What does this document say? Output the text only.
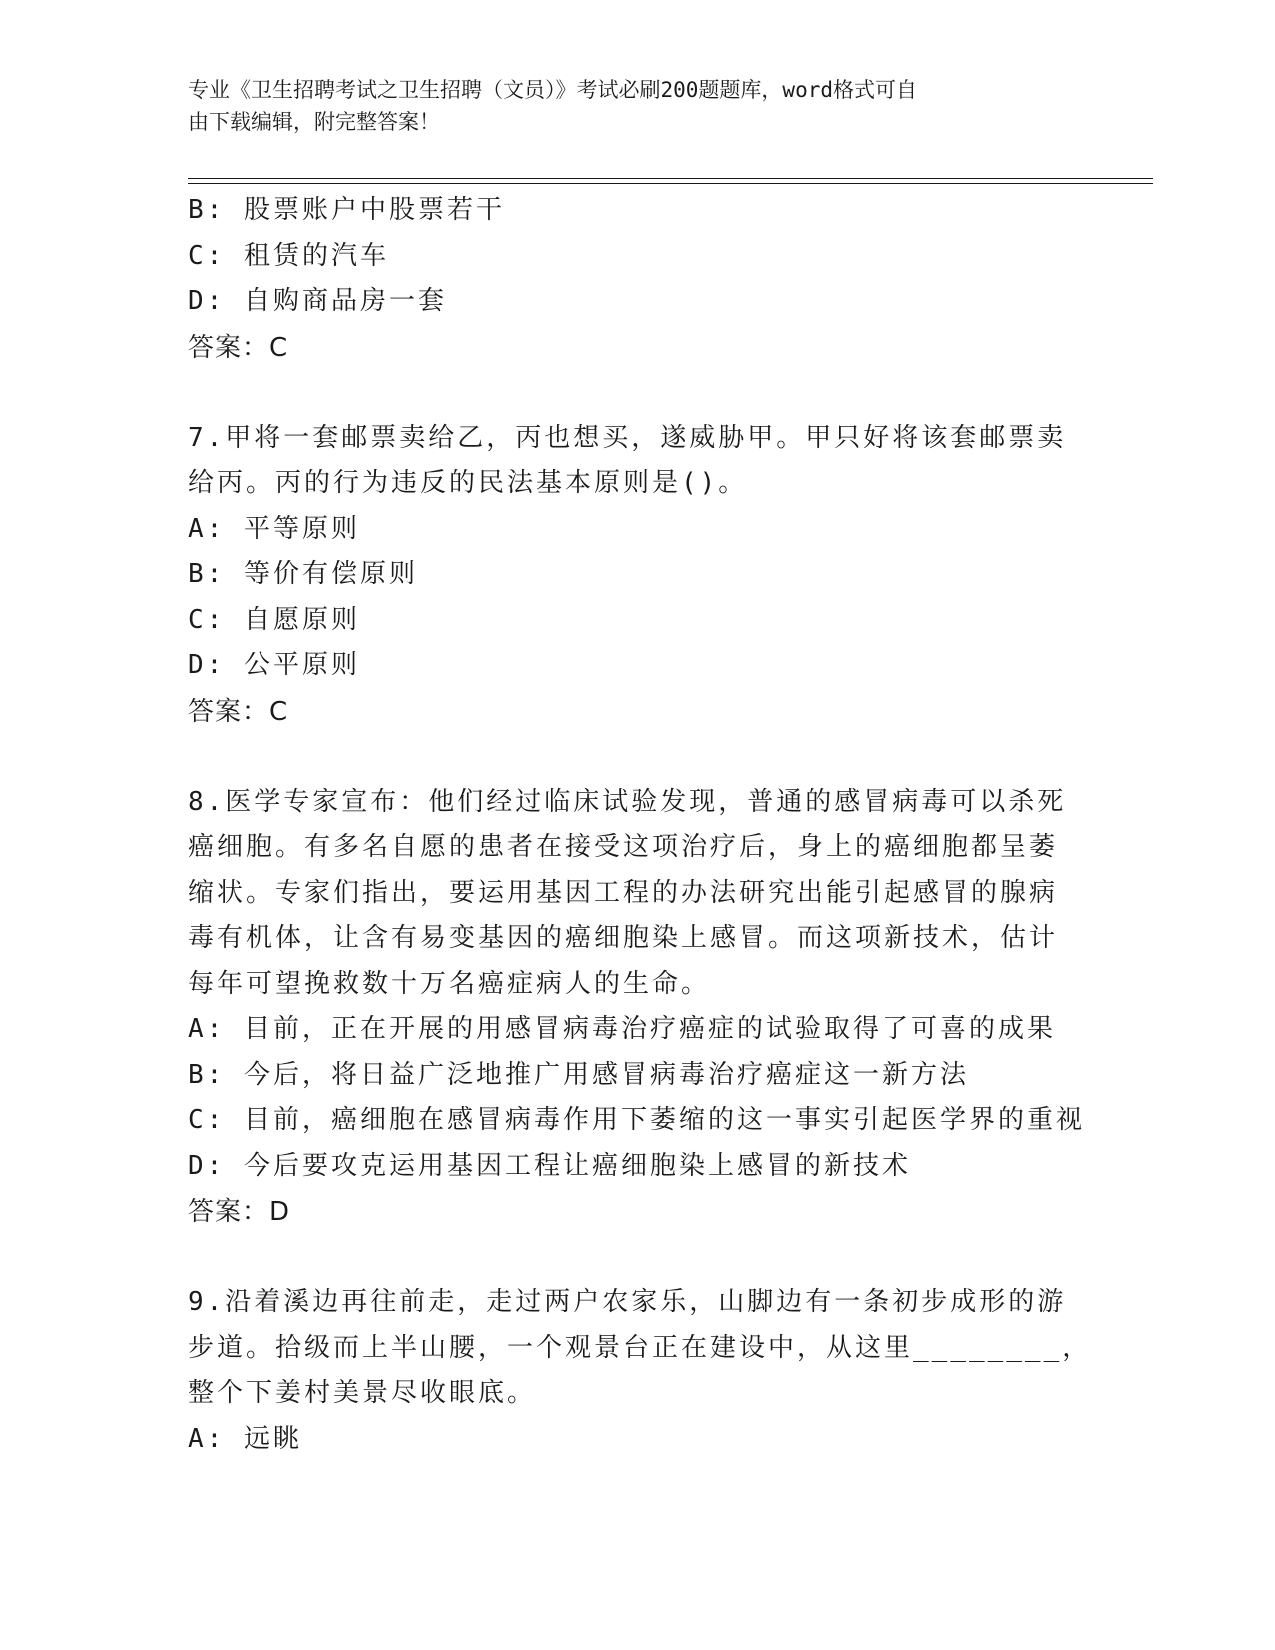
专业《卫生招聘考试之卫生招聘（文员）》考试必刷200题题库，word格式可自
由下载编辑，附完整答案！
B: 股票账户中股票若干
C: 租赁的汽车
D: 自购商品房一套
答案：C
7.甲将一套邮票卖给乙，丙也想买，遂威胁甲。甲只好将该套邮票卖
给丙。丙的行为违反的民法基本原则是()。
A: 平等原则
B: 等价有偿原则
C: 自愿原则
D: 公平原则
答案：C
8.医学专家宣布：他们经过临床试验发现，普通的感冒病毒可以杀死
癌细胞。有多名自愿的患者在接受这项治疗后，身上的癌细胞都呈萎
缩状。专家们指出，要运用基因工程的办法研究出能引起感冒的腺病
毒有机体，让含有易变基因的癌细胞染上感冒。而这项新技术，估计
每年可望挽救数十万名癌症病人的生命。
A: 目前，正在开展的用感冒病毒治疗癌症的试验取得了可喜的成果
B: 今后，将日益广泛地推广用感冒病毒治疗癌症这一新方法
C: 目前，癌细胞在感冒病毒作用下萎缩的这一事实引起医学界的重视
D: 今后要攻克运用基因工程让癌细胞染上感冒的新技术
答案：D
9.沿着溪边再往前走，走过两户农家乐，山脚边有一条初步成形的游
步道。拾级而上半山腰，一个观景台正在建设中，从这里________，
整个下姜村美景尽收眼底。
A: 远眺
